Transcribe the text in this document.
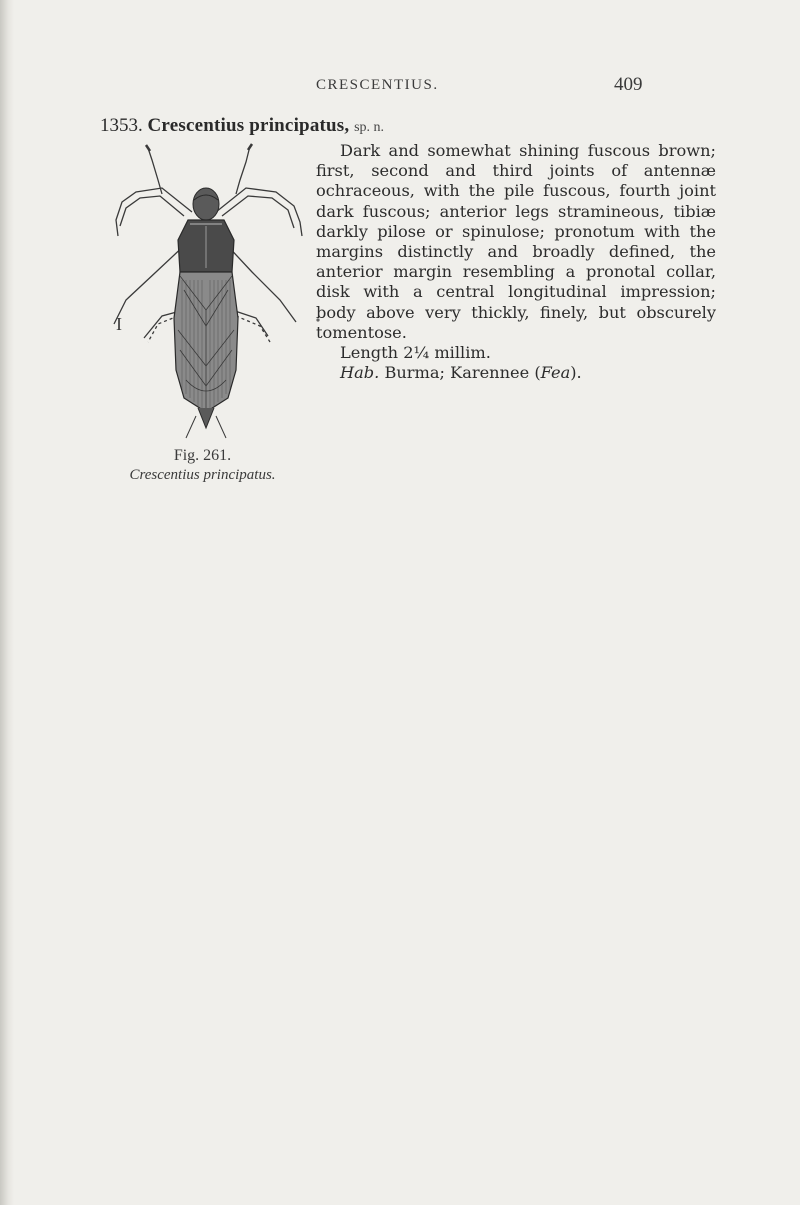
CRESCENTIUS.	409
1353. Crescentius principatus, sp. n.
I
Fig. 261.
Crescentius principatus.

Dark and somewhat shining fuscous brown; first, second and third joints of antennæ ochraceous, with the pile fuscous, fourth joint dark fuscous; anterior legs stramineous, tibiæ darkly pilose or spinulose; pronotum with the margins distinctly and broadly defined, the anterior margin resembling a pronotal collar, disk with a central longitudinal impression; body above very thickly, finely, but obscurely tomentose.

Length 2¼ millim.

Hab. Burma; Karennee (Fea).
